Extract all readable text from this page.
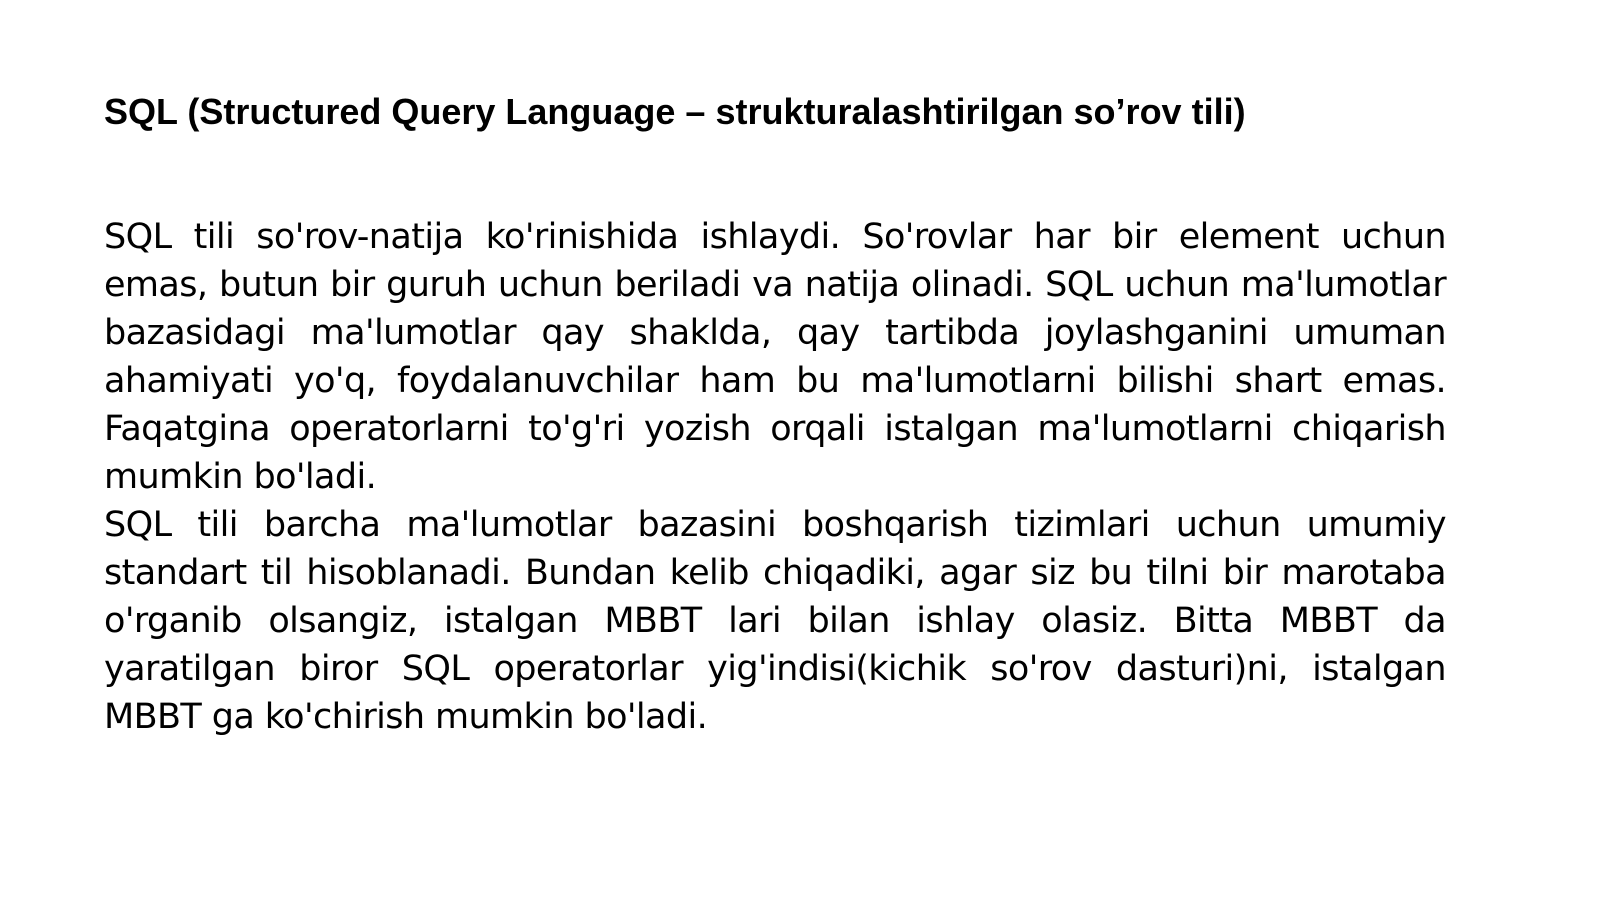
SQL (Structured Query Language – strukturalashtirilgan so’rov tili)

SQL tili so'rov-natija ko'rinishida ishlaydi. So'rovlar har bir element uchun emas, butun bir guruh uchun beriladi va natija olinadi. SQL uchun ma'lumotlar bazasidagi ma'lumotlar qay shaklda, qay tartibda joylashganini umuman ahamiyati yo'q, foydalanuvchilar ham bu ma'lumotlarni bilishi shart emas. Faqatgina operatorlarni to'g'ri yozish orqali istalgan ma'lumotlarni chiqarish mumkin bo'ladi.

SQL tili barcha ma'lumotlar bazasini boshqarish tizimlari uchun umumiy standart til hisoblanadi. Bundan kelib chiqadiki, agar siz bu tilni bir marotaba o'rganib olsangiz, istalgan MBBT lari bilan ishlay olasiz. Bitta MBBT da yaratilgan biror SQL operatorlar yig'indisi(kichik so'rov dasturi)ni, istalgan MBBT ga ko'chirish mumkin bo'ladi.
